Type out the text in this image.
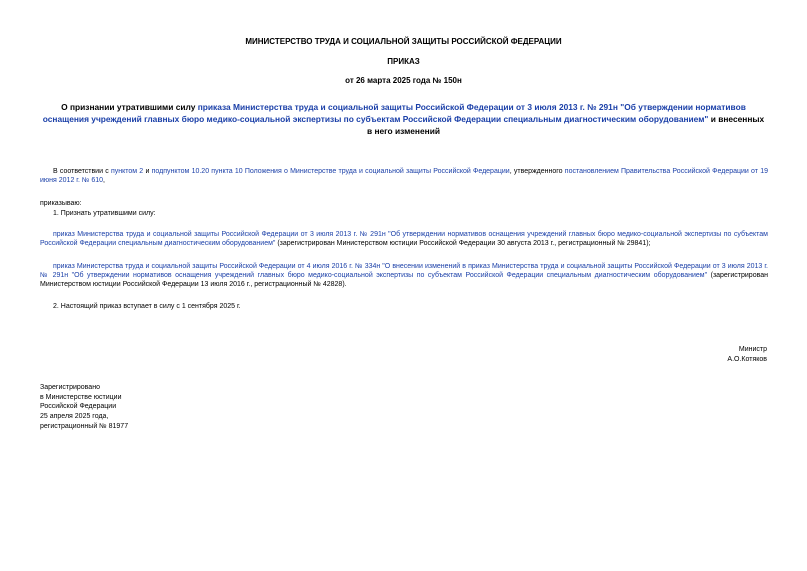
МИНИСТЕРСТВО ТРУДА И СОЦИАЛЬНОЙ ЗАЩИТЫ РОССИЙСКОЙ ФЕДЕРАЦИИ
ПРИКАЗ
от 26 марта 2025 года № 150н
О признании утратившими силу приказа Министерства труда и социальной защиты Российской Федерации от 3 июля 2013 г. № 291н "Об утверждении нормативов оснащения учреждений главных бюро медико-социальной экспертизы по субъектам Российской Федерации специальным диагностическим оборудованием" и внесенных в него изменений
В соответствии с пунктом 2 и подпунктом 10.20 пункта 10 Положения о Министерстве труда и социальной защиты Российской Федерации, утвержденного постановлением Правительства Российской Федерации от 19 июня 2012 г. № 610,
приказываю:
1. Признать утратившими силу:
приказ Министерства труда и социальной защиты Российской Федерации от 3 июля 2013 г. № 291н "Об утверждении нормативов оснащения учреждений главных бюро медико-социальной экспертизы по субъектам Российской Федерации специальным диагностическим оборудованием" (зарегистрирован Министерством юстиции Российской Федерации 30 августа 2013 г., регистрационный № 29841);
приказ Министерства труда и социальной защиты Российской Федерации от 4 июля 2016 г. № 334н "О внесении изменений в приказ Министерства труда и социальной защиты Российской Федерации от 3 июля 2013 г. № 291н "Об утверждении нормативов оснащения учреждений главных бюро медико-социальной экспертизы по субъектам Российской Федерации специальным диагностическим оборудованием" (зарегистрирован Министерством юстиции Российской Федерации 13 июля 2016 г., регистрационный № 42828).
2. Настоящий приказ вступает в силу с 1 сентября 2025 г.
Министр
А.О.Котяков
Зарегистрировано
в Министерстве юстиции
Российской Федерации
25 апреля 2025 года,
регистрационный № 81977
